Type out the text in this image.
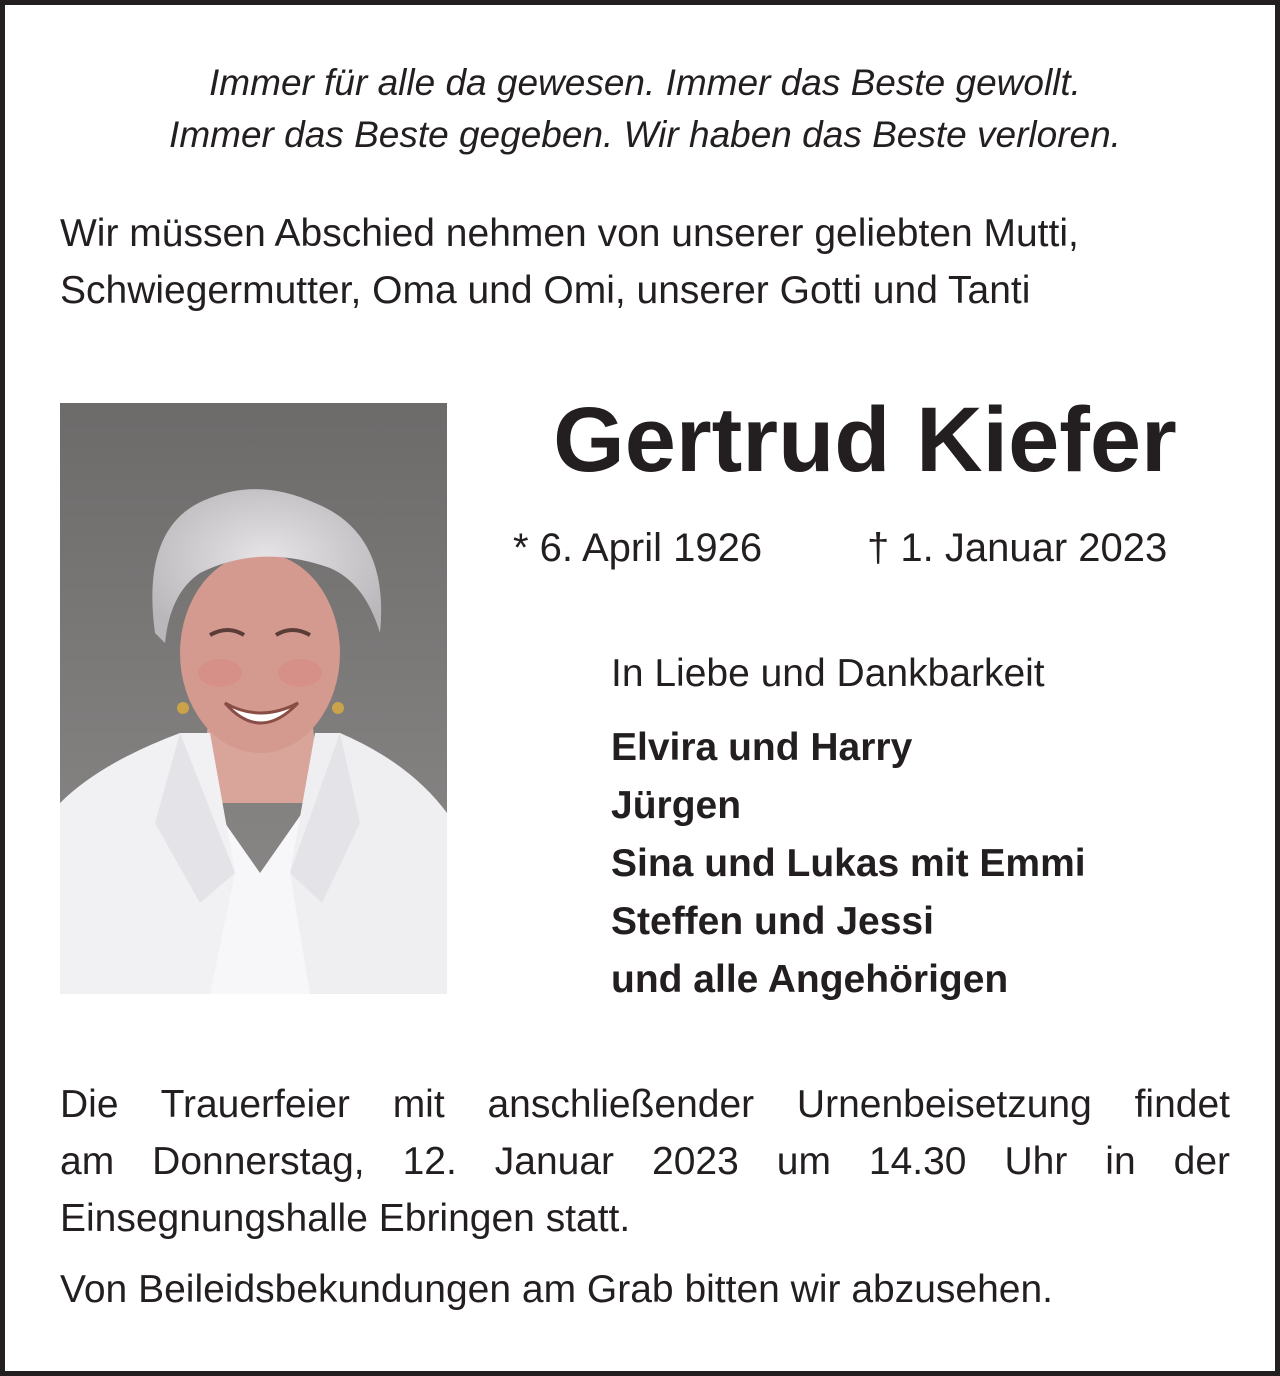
Immer für alle da gewesen. Immer das Beste gewollt.
Immer das Beste gegeben. Wir haben das Beste verloren.
Wir müssen Abschied nehmen von unserer geliebten Mutti,
Schwiegermutter, Oma und Omi, unserer Gotti und Tanti
Gertrud Kiefer
* 6. April 1926	† 1. Januar 2023
In Liebe und Dankbarkeit
Elvira und Harry
Jürgen
Sina und Lukas mit Emmi
Steffen und Jessi
und alle Angehörigen
Die Trauerfeier mit anschließender Urnenbeisetzung findet
am Donnerstag, 12. Januar 2023 um 14.30 Uhr in der
Einsegnungshalle Ebringen statt.
Von Beileidsbekundungen am Grab bitten wir abzusehen.
